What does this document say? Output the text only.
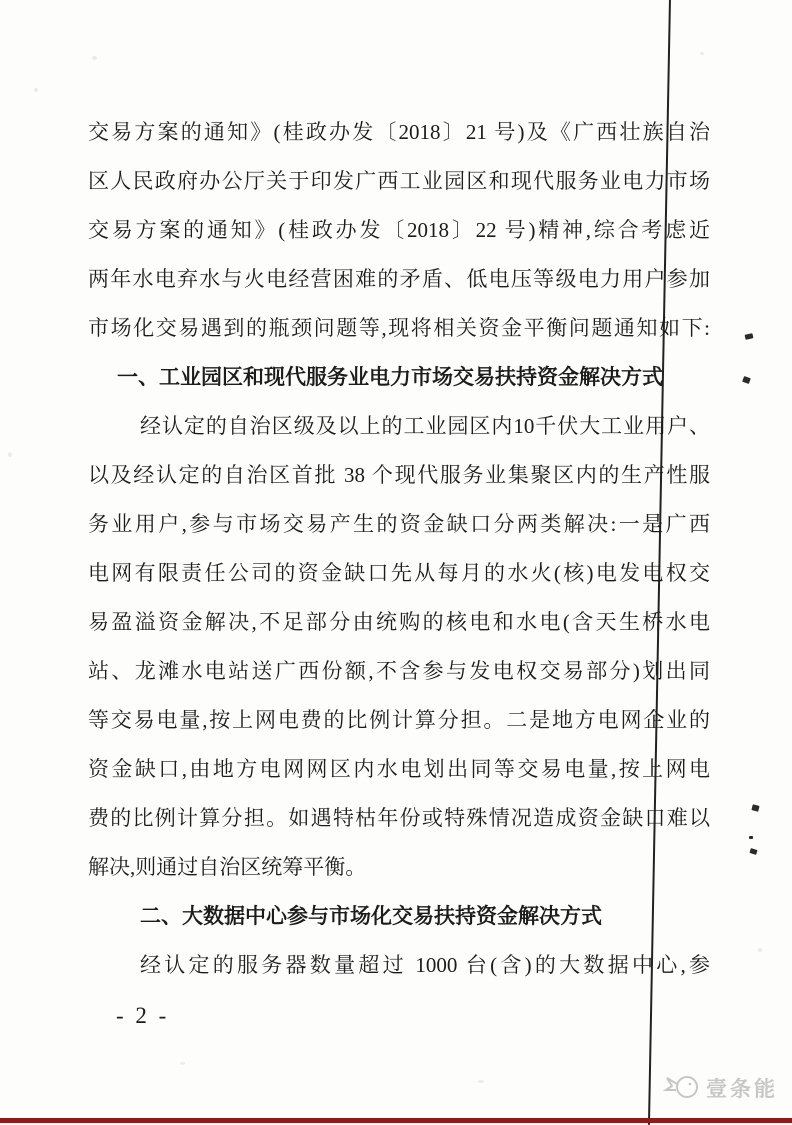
交易方案的通知》(桂政办发〔2018〕21 号)及《广西壮族自治
区人民政府办公厅关于印发广西工业园区和现代服务业电力市场
交易方案的通知》(桂政办发〔2018〕22 号)精神,综合考虑近
两年水电弃水与火电经营困难的矛盾、低电压等级电力用户参加
市场化交易遇到的瓶颈问题等,现将相关资金平衡问题通知如下:
一、工业园区和现代服务业电力市场交易扶持资金解决方式
经认定的自治区级及以上的工业园区内10千伏大工业用户、
以及经认定的自治区首批 38 个现代服务业集聚区内的生产性服
务业用户,参与市场交易产生的资金缺口分两类解决:一是广西
电网有限责任公司的资金缺口先从每月的水火(核)电发电权交
易盈溢资金解决,不足部分由统购的核电和水电(含天生桥水电
站、龙滩水电站送广西份额,不含参与发电权交易部分)划出同
等交易电量,按上网电费的比例计算分担。二是地方电网企业的
资金缺口,由地方电网网区内水电划出同等交易电量,按上网电
费的比例计算分担。如遇特枯年份或特殊情况造成资金缺口难以
解决,则通过自治区统筹平衡。
二、大数据中心参与市场化交易扶持资金解决方式
经认定的服务器数量超过 1000 台(含)的大数据中心,参
- 2 -
壹条能
